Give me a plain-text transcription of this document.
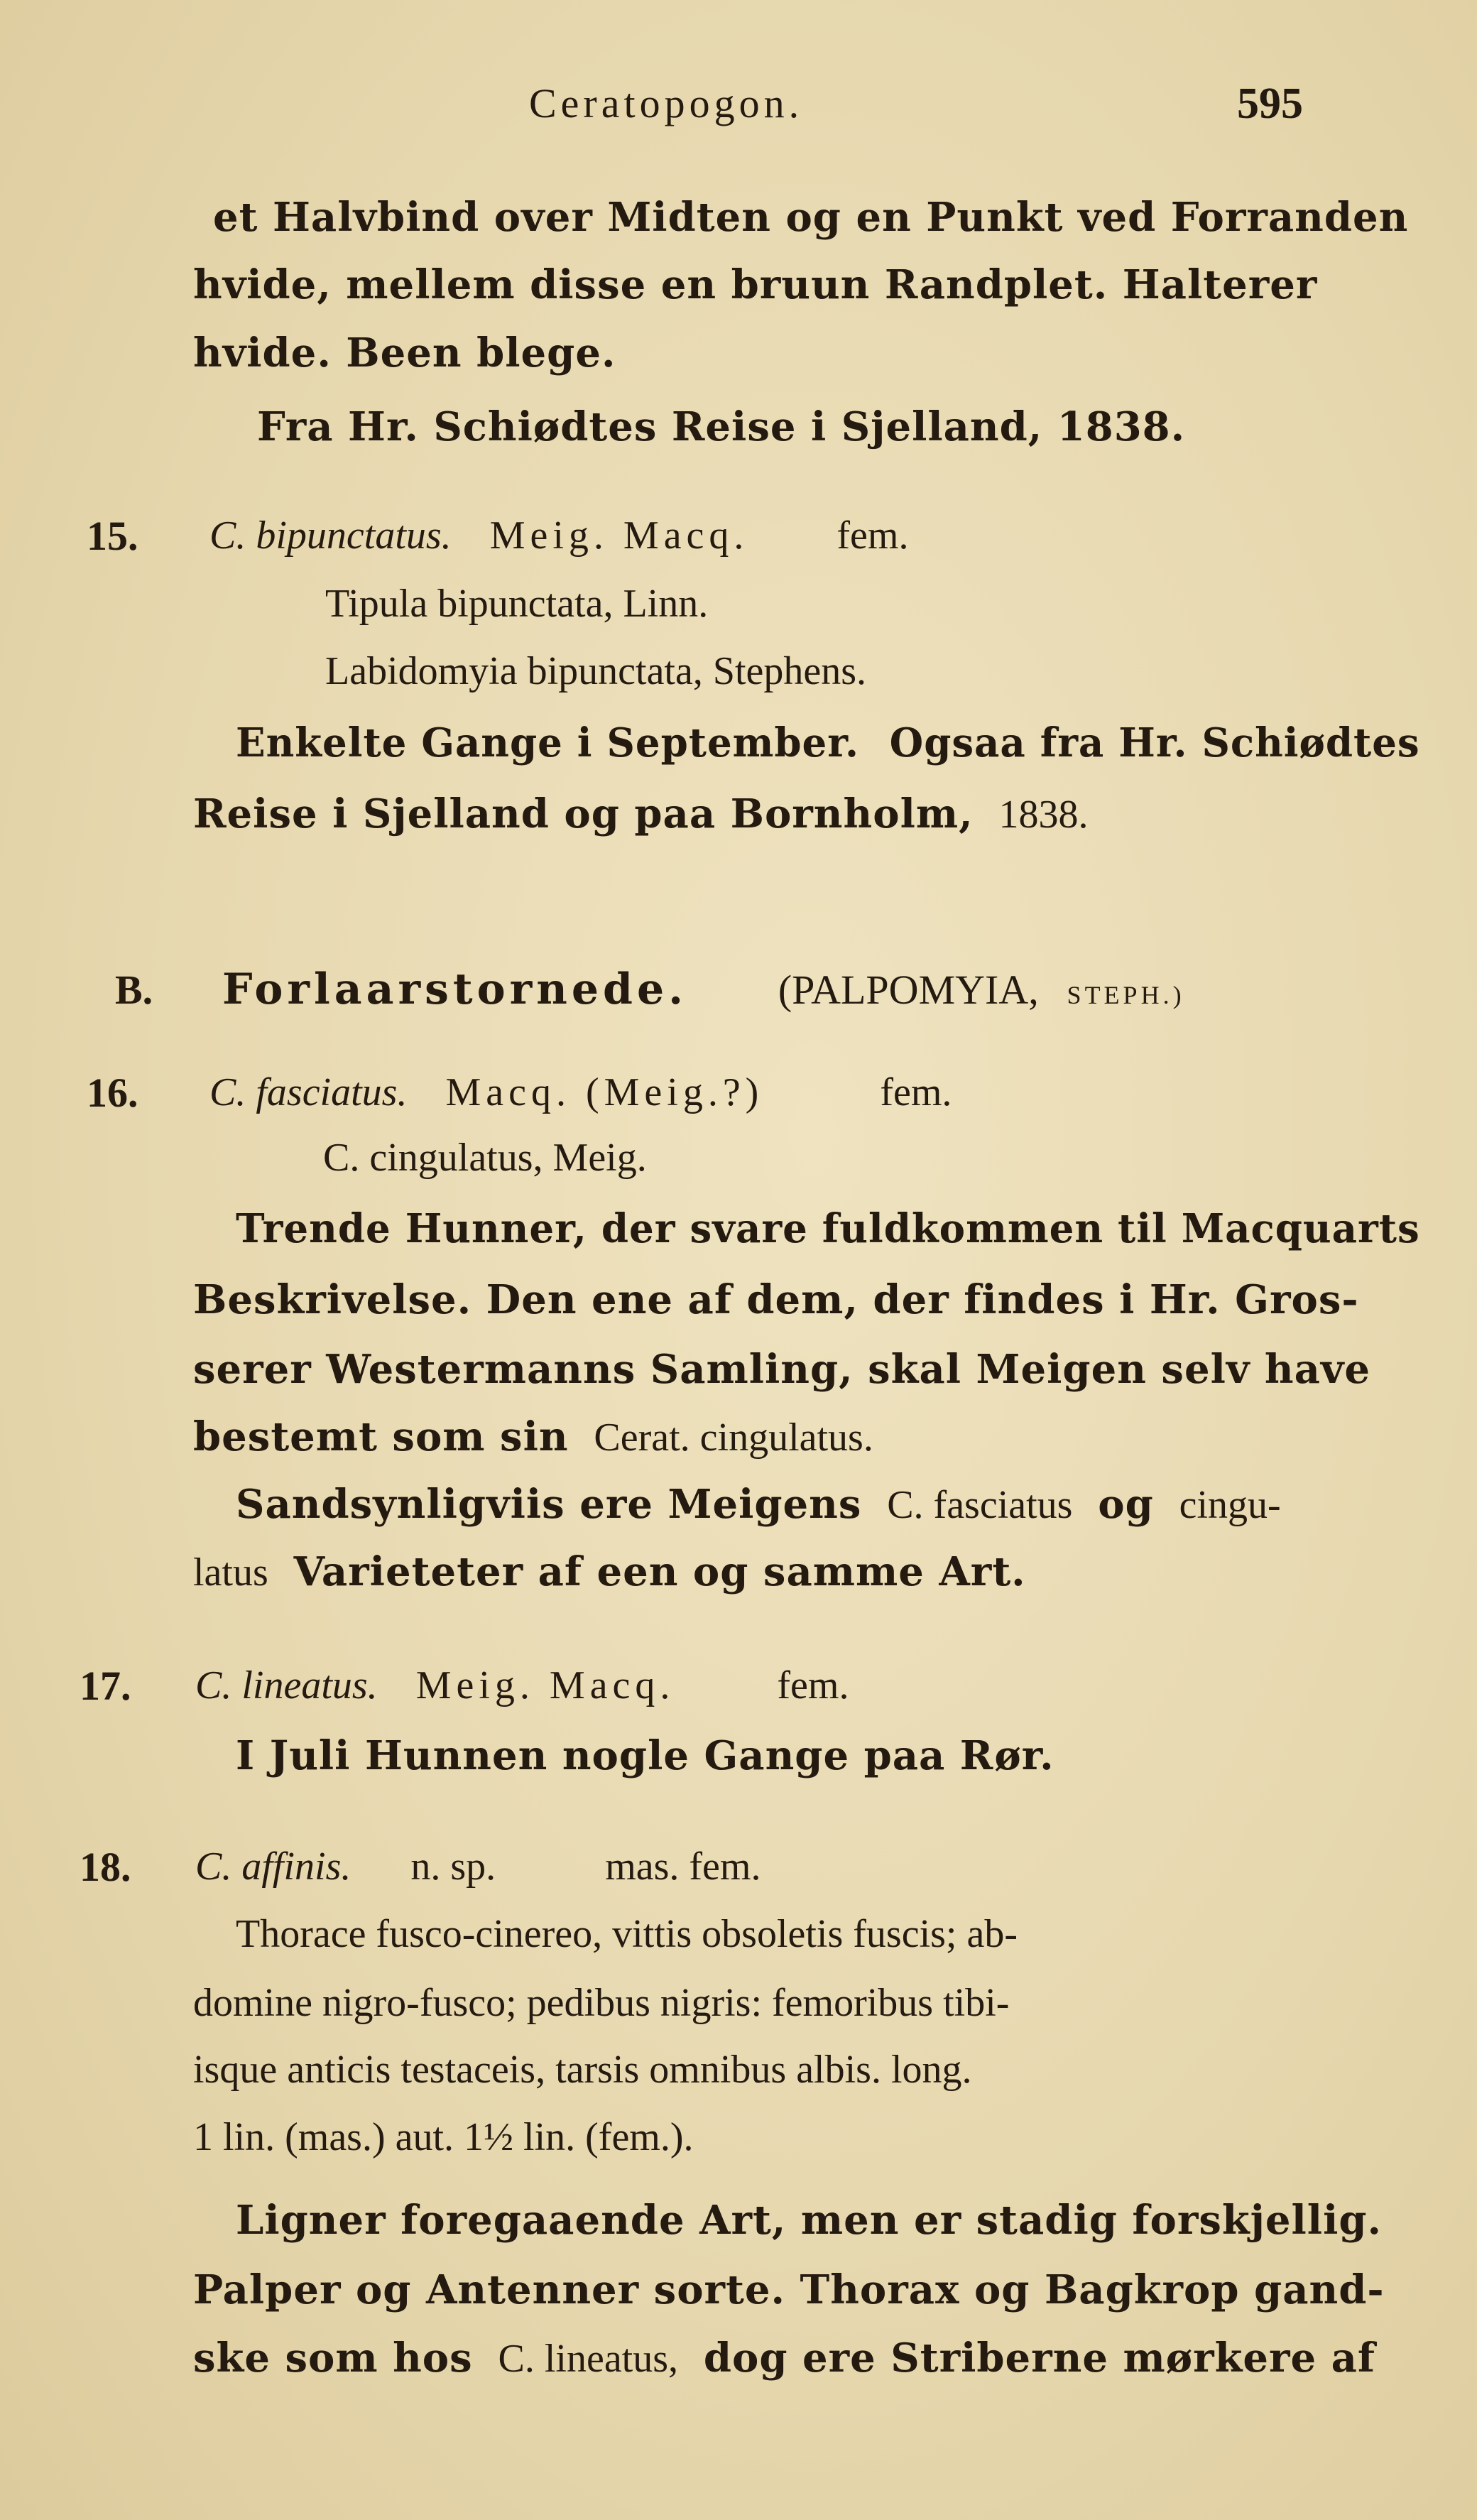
Ceratopogon.	595
et Halvbind over Midten og en Punkt ved Forranden
hvide, mellem disse en bruun Randplet. Halterer
hvide. Been blege.
Fra Hr. Schiødtes Reise i Sjelland, 1838.
15. C. bipunctatus. Meig. Macq. fem.
Tipula bipunctata, Linn.
Labidomyia bipunctata, Stephens.
Enkelte Gange i September. Ogsaa fra Hr. Schiødtes
Reise i Sjelland og paa Bornholm, 1838.
B. Forlaarstornede. (PALPOMYIA, STEPH.)
16. C. fasciatus. Macq. (Meig.?)	fem.
C. cingulatus, Meig.
Trende Hunner, der svare fuldkommen til Macquarts
Beskrivelse. Den ene af dem, der findes i Hr. Gros-
serer Westermanns Samling, skal Meigen selv have
bestemt som sin Cerat. cingulatus.
Sandsynligviis ere Meigens C. fasciatus og cingu-
latus Varieteter af een og samme Art.
17. C. lineatus. Meig. Macq.	fem.
I Juli Hunnen nogle Gange paa Rør.
18. C. affinis. n. sp.	mas. fem.
Thorace fusco-cinereo, vittis obsoletis fuscis; ab-
domine nigro-fusco; pedibus nigris: femoribus tibi-
isque anticis testaceis, tarsis omnibus albis. long.
1 lin. (mas.) aut. 1½ lin. (fem.).
Ligner foregaaende Art, men er stadig forskjellig.
Palper og Antenner sorte. Thorax og Bagkrop gand-
ske som hos C. lineatus, dog ere Striberne mørkere af
